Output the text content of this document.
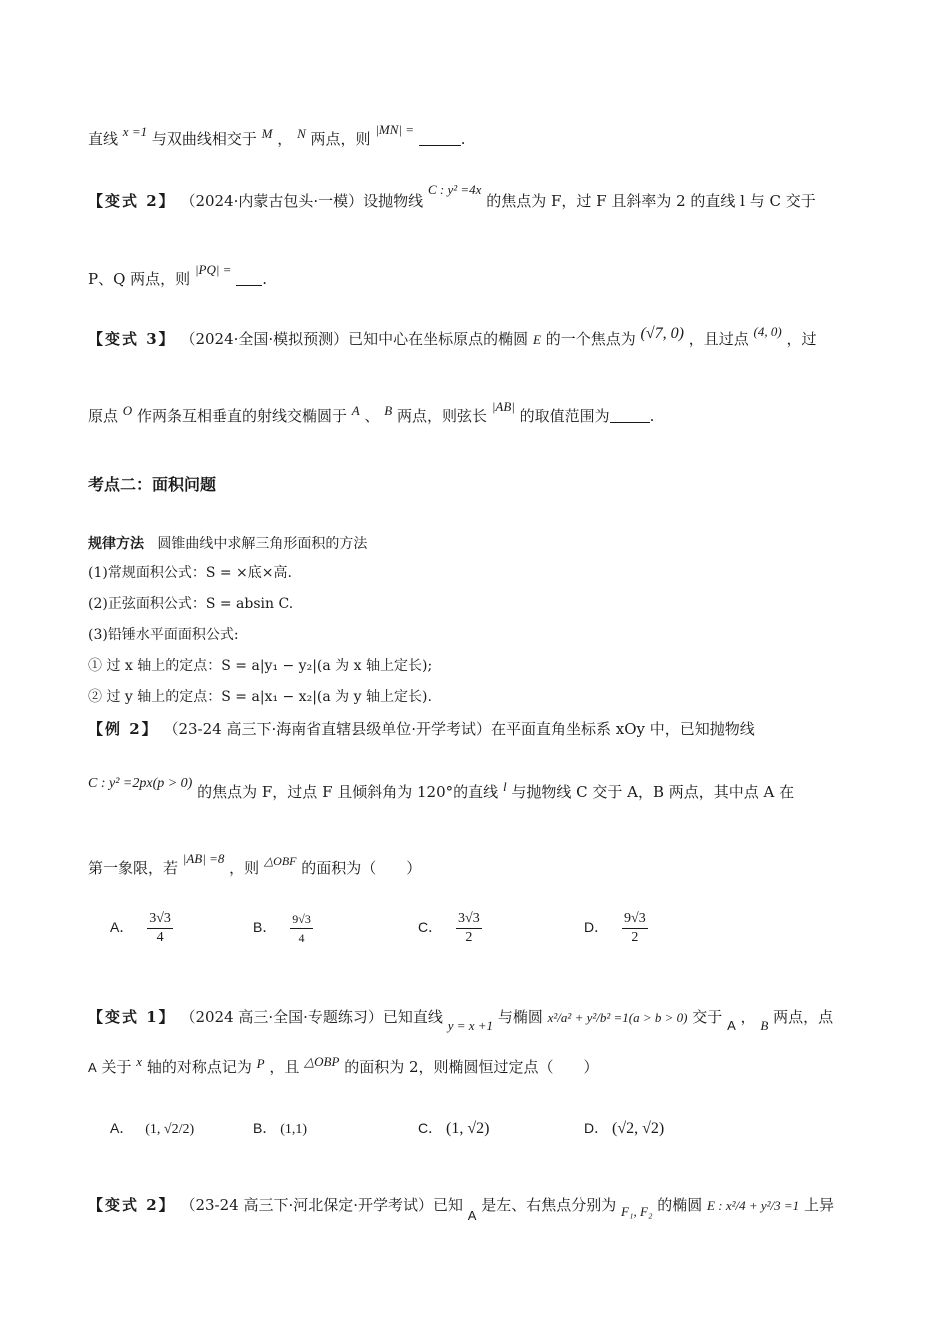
直线 x =1 与双曲线相交于 M ， N 两点，则 |MN| = .
【变式 2】 （2024·内蒙古包头·一模）设抛物线 C : y² =4x 的焦点为 F，过 F 且斜率为 2 的直线 l 与 C 交于
P、Q 两点，则 |PQ| = .
【变式 3】 （2024·全国·模拟预测）已知中心在坐标原点的椭圆 E 的一个焦点为 (√7, 0) ，且过点 (4, 0) ，过
原点 O 作两条互相垂直的射线交椭圆于 A 、 B 两点，则弦长 |AB| 的取值范围为	.
考点二：面积问题
规律方法 圆锥曲线中求解三角形面积的方法
(1)常规面积公式：S = ×底×高.
(2)正弦面积公式：S = absin C.
(3)铅锤水平面面积公式:
① 过 x 轴上的定点：S = a|y₁ − y₂|(a 为 x 轴上定长);
② 过 y 轴上的定点：S = a|x₁ − x₂|(a 为 y 轴上定长).
【例 2】 （23-24 高三下·海南省直辖县级单位·开学考试）在平面直角坐标系 xOy 中，已知抛物线
C : y² =2px(p > 0) 的焦点为 F，过点 F 且倾斜角为 120°的直线 l 与抛物线 C 交于 A，B 两点，其中点 A 在
第一象限，若 |AB| =8 ，则 $^{\triangle OBF}$ 的面积为（　　）
A． $\frac{3√3}{4}$	B． $\frac{9√3}{4}$	C． $\frac{3√3}{2}$	D． $\frac{9√3}{2}$
【变式 1】 （2024 高三·全国·专题练习）已知直线 y = x +1 与椭圆 x²/a² + y²/b² =1(a > b > 0) 交于 A ， B 两点，点
A 关于 x 轴的对称点记为 P ，且 △OBP 的面积为 2，则椭圆恒过定点（　　）
A． (1, √2/2)	B． (1,1)	C． (1, √2)	D． (√2, √2)
【变式 2】 （23-24 高三下·河北保定·开学考试）已知 A 是左、右焦点分别为 F₁, F₂ 的椭圆 E : x²/4 + y²/3 =1 上异
